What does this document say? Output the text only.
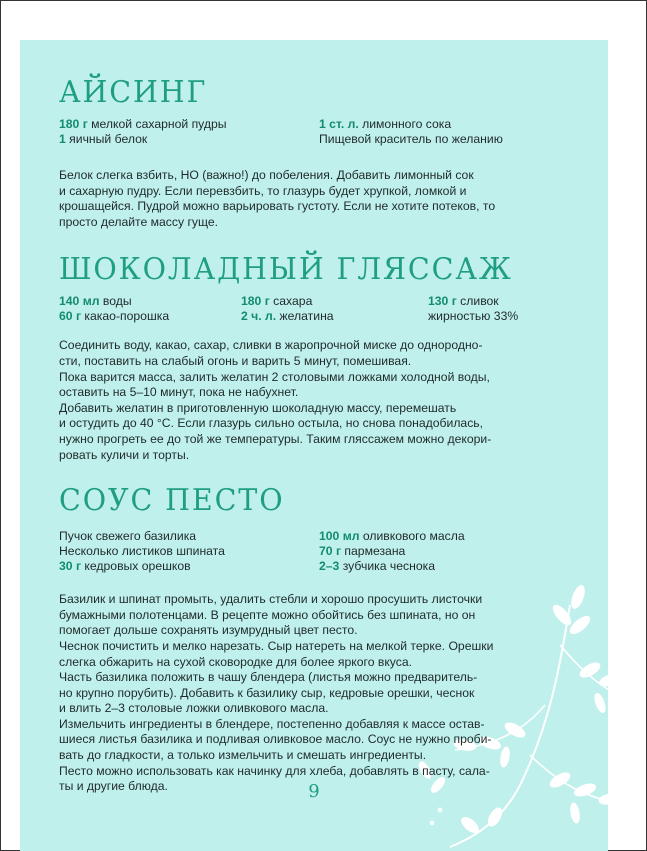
АЙСИНГ
180 г мелкой сахарной пудры	1 ст. л. лимонного сока
1 яичный белок	Пищевой краситель по желанию

Белок слегка взбить, НО (важно!) до побеления. Добавить лимонный сок
и сахарную пудру. Если перевзбить, то глазурь будет хрупкой, ломкой и
крошащейся. Пудрой можно варьировать густоту. Если не хотите потеков, то
просто делайте массу гуще.

ШОКОЛАДНЫЙ ГЛЯССАЖ
140 мл воды	180 г сахара	130 г сливок
60 г какао-порошка	2 ч. л. желатина	жирностью 33%

Соединить воду, какао, сахар, сливки в жаропрочной миске до однородно-
сти, поставить на слабый огонь и варить 5 минут, помешивая.
Пока варится масса, залить желатин 2 столовыми ложками холодной воды,
оставить на 5–10 минут, пока не набухнет.
Добавить желатин в приготовленную шоколадную массу, перемешать
и остудить до 40 °С. Если глазурь сильно остыла, но снова понадобилась,
нужно прогреть ее до той же температуры. Таким гляссажем можно декори-
ровать куличи и торты.

СОУС ПЕСТО
Пучок свежего базилика	100 мл оливкового масла
Несколько листиков шпината	70 г пармезана
30 г кедровых орешков	2–3 зубчика чеснока

Базилик и шпинат промыть, удалить стебли и хорошо просушить листочки
бумажными полотенцами. В рецепте можно обойтись без шпината, но он
помогает дольше сохранять изумрудный цвет песто.
Чеснок почистить и мелко нарезать. Сыр натереть на мелкой терке. Орешки
слегка обжарить на сухой сковородке для более яркого вкуса.
Часть базилика положить в чашу блендера (листья можно предваритель-
но крупно порубить). Добавить к базилику сыр, кедровые орешки, чеснок
и влить 2–3 столовые ложки оливкового масла.
Измельчить ингредиенты в блендере, постепенно добавляя к массе остав-
шиеся листья базилика и подливая оливковое масло. Соус не нужно проби-
вать до гладкости, а только измельчить и смешать ингредиенты.
Песто можно использовать как начинку для хлеба, добавлять в пасту, сала-
ты и другие блюда.	9
